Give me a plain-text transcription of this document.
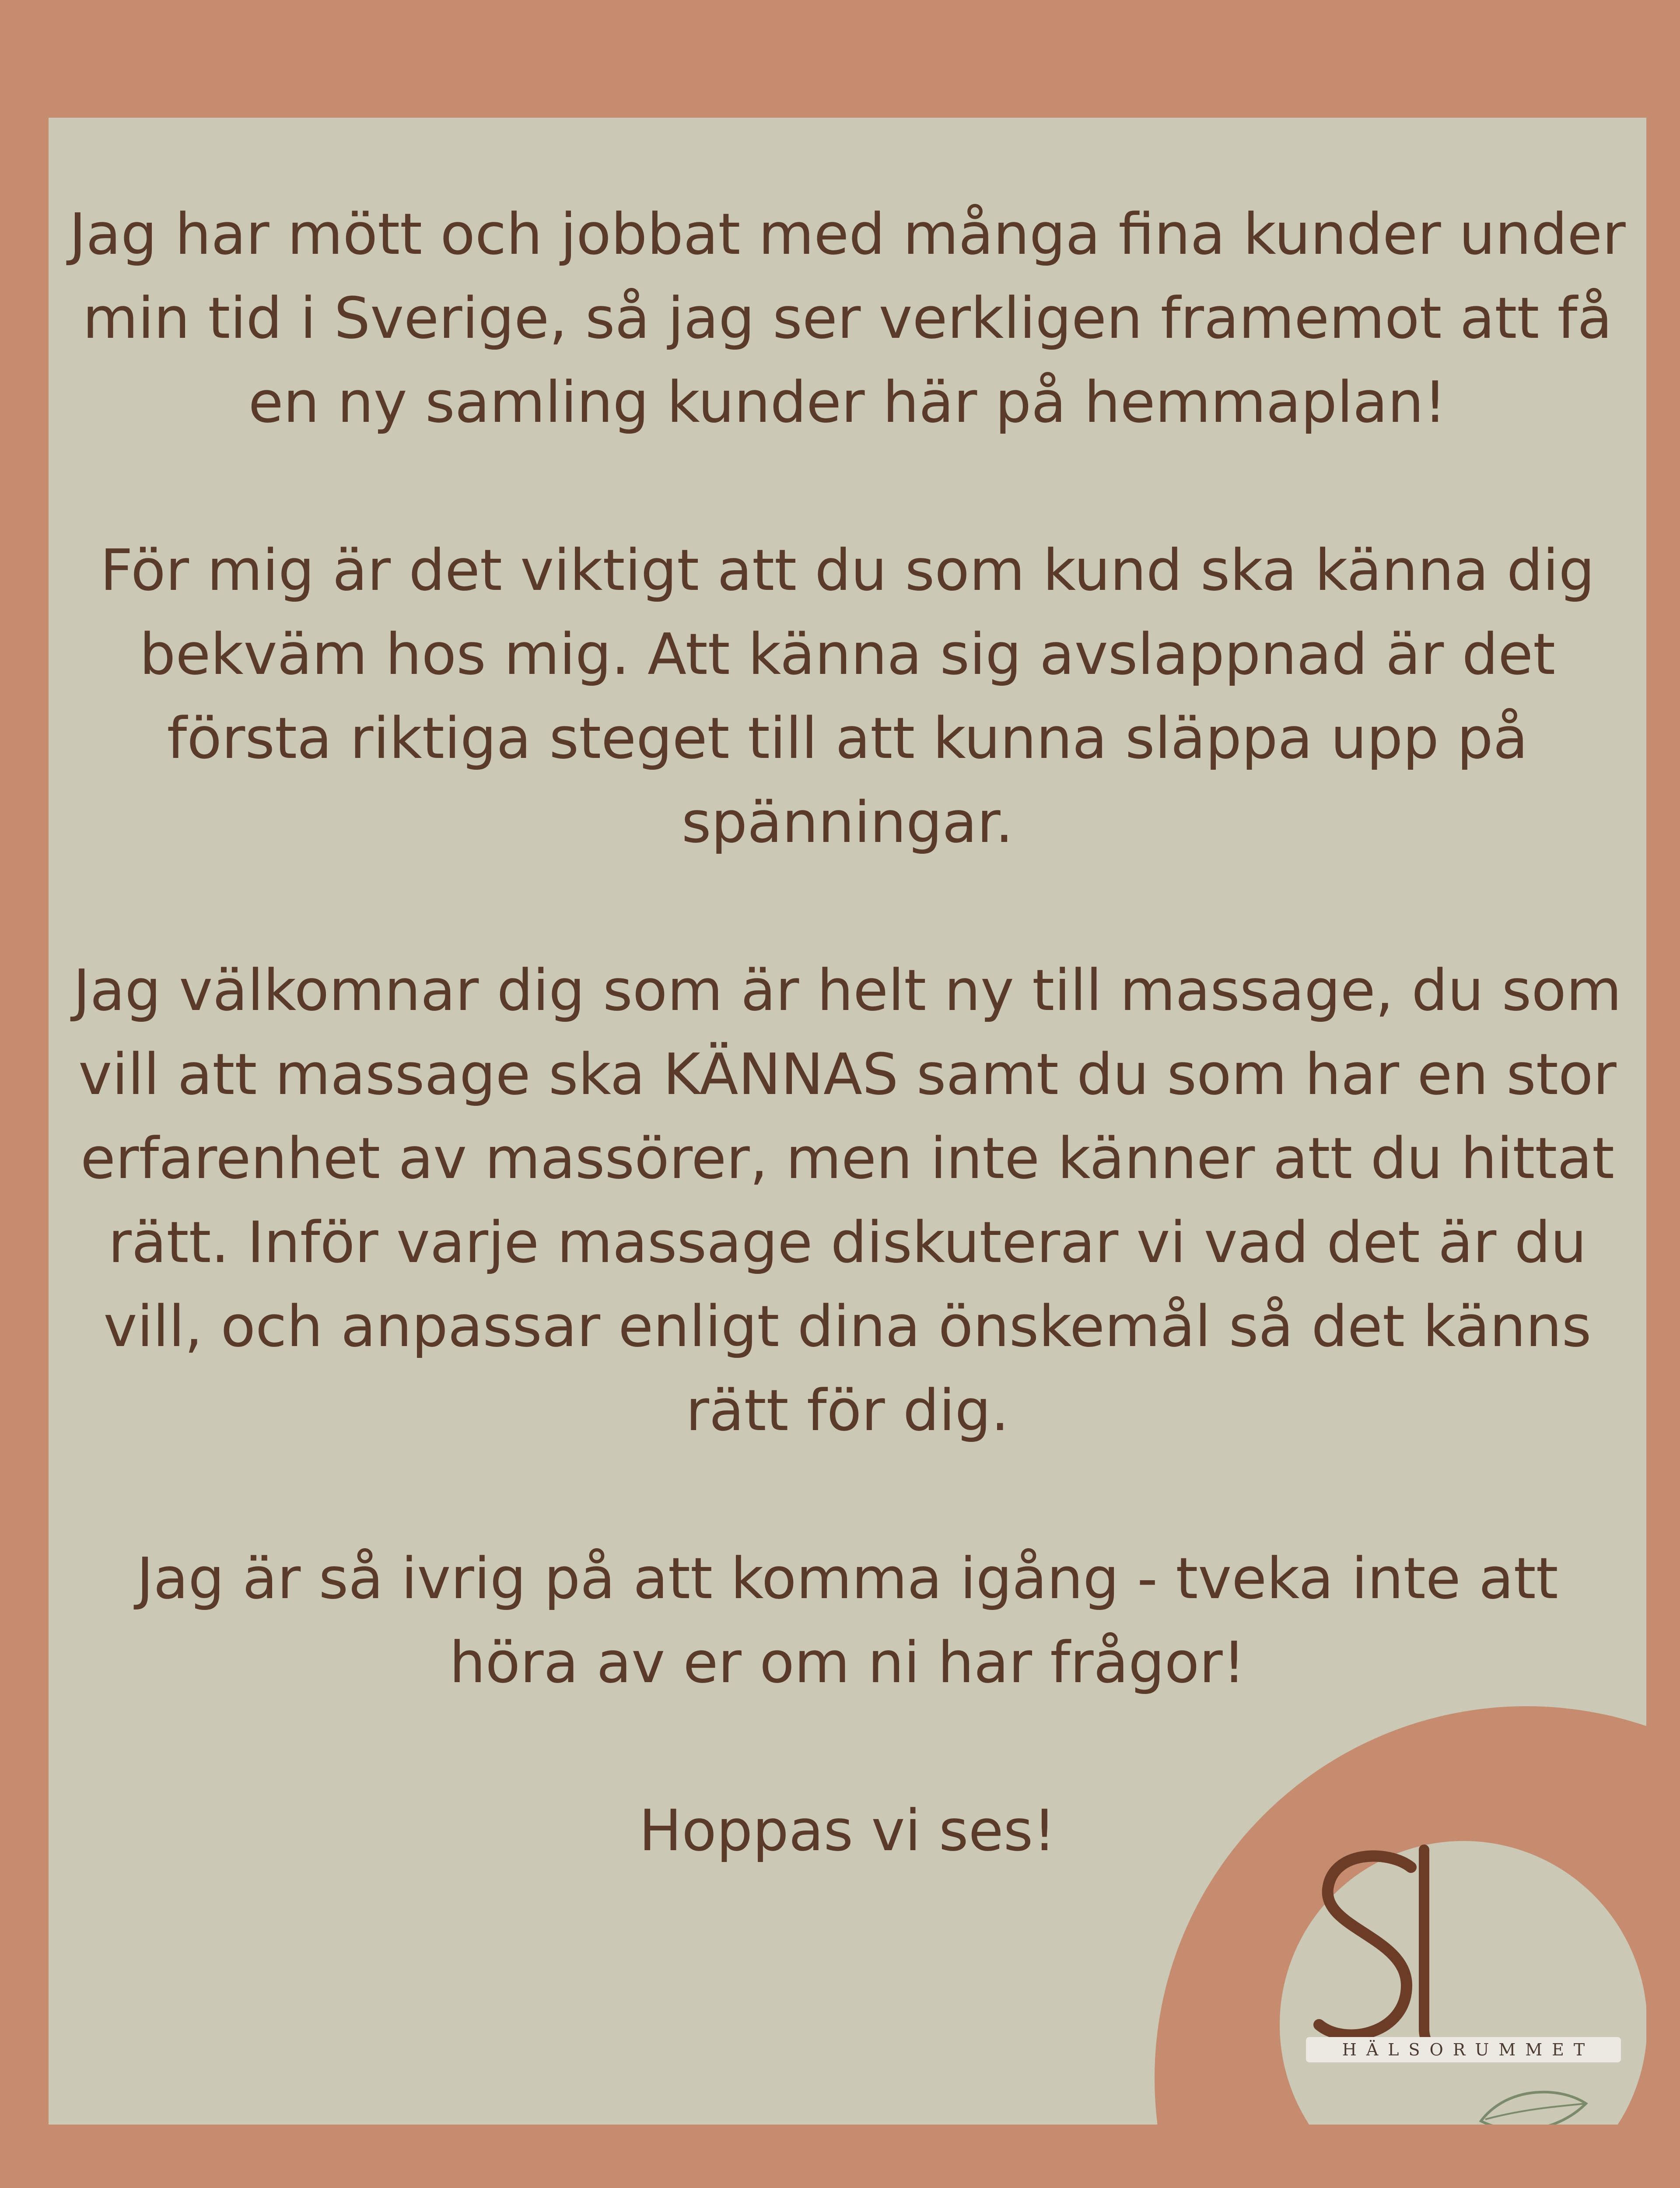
Jag har mött och jobbat med många fina kunder under min tid i Sverige, så jag ser verkligen framemot att få en ny samling kunder här på hemmaplan!

För mig är det viktigt att du som kund ska känna dig bekväm hos mig. Att känna sig avslappnad är det första riktiga steget till att kunna släppa upp på spänningar.

Jag välkomnar dig som är helt ny till massage, du som vill att massage ska KÄNNAS samt du som har en stor erfarenhet av massörer, men inte känner att du hittat rätt. Inför varje massage diskuterar vi vad det är du vill, och anpassar enligt dina önskemål så det känns rätt för dig.

Jag är så ivrig på att komma igång - tveka inte att höra av er om ni har frågor!

Hoppas vi ses!

HÄLSORUMMET
